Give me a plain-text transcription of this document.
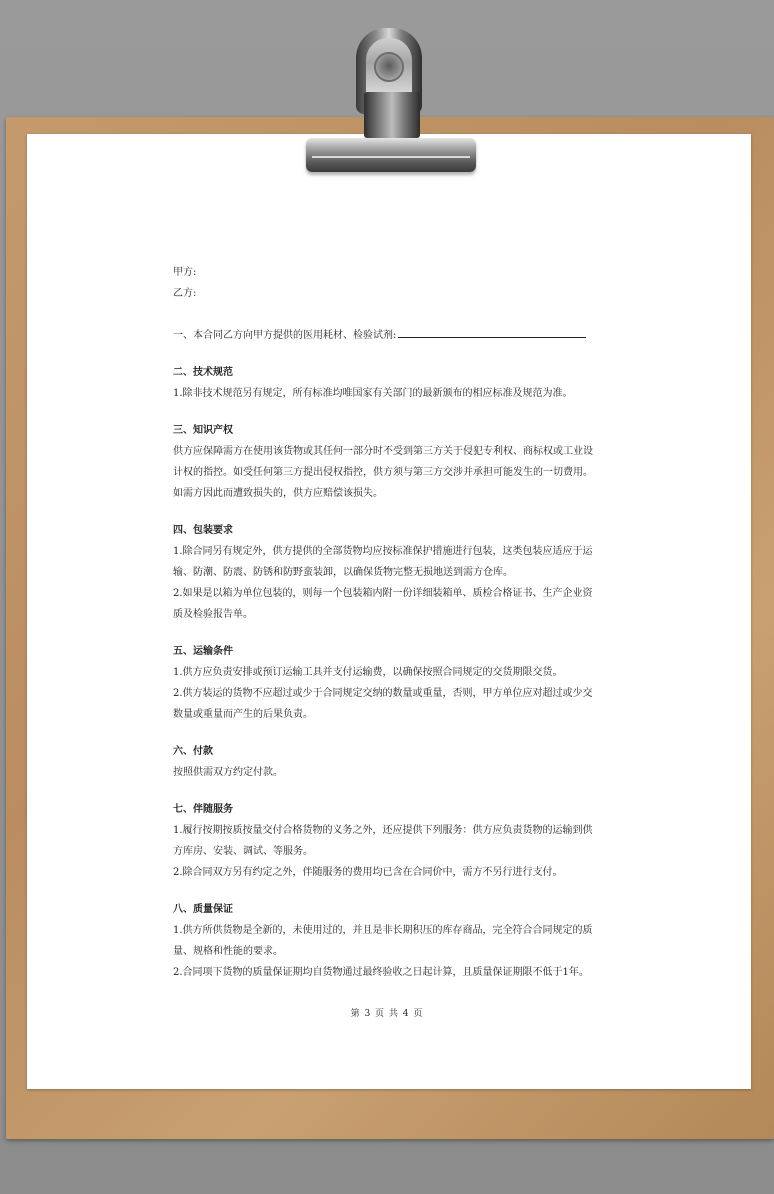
甲方:
乙方:
一、本合同乙方向甲方提供的医用耗材、检验试剂:
二、技术规范
1.除非技术规范另有规定，所有标准均唯国家有关部门的最新颁布的相应标准及规范为准。
三、知识产权
供方应保障需方在使用该货物或其任何一部分时不受到第三方关于侵犯专利权、商标权或工业设
计权的指控。如受任何第三方提出侵权指控，供方须与第三方交涉并承担可能发生的一切费用。
如需方因此而遭致损失的，供方应赔偿该损失。
四、包装要求
1.除合同另有规定外，供方提供的全部货物均应按标准保护措施进行包装，这类包装应适应于运
输、防潮、防震、防锈和防野蛮装卸，以确保货物完整无损地送到需方仓库。
2.如果是以箱为单位包装的，则每一个包装箱内附一份详细装箱单、质检合格证书、生产企业资
质及检验报告单。
五、运输条件
1.供方应负责安排或预订运输工具并支付运输费，以确保按照合同规定的交货期限交货。
2.供方装运的货物不应超过或少于合同规定交纳的数量或重量，否则，甲方单位应对超过或少交
数量或重量而产生的后果负责。
六、付款
按照供需双方约定付款。
七、伴随服务
1.履行按期按质按量交付合格货物的义务之外，还应提供下列服务：供方应负责货物的运输到供
方库房、安装、调试、等服务。
2.除合同双方另有约定之外，伴随服务的费用均已含在合同价中，需方不另行进行支付。
八、质量保证
1.供方所供货物是全新的，未使用过的，并且是非长期积压的库存商品，完全符合合同规定的质
量、规格和性能的要求。
2.合同项下货物的质量保证期均自货物通过最终验收之日起计算，且质量保证期限不低于1年。
第 3 页 共 4 页
